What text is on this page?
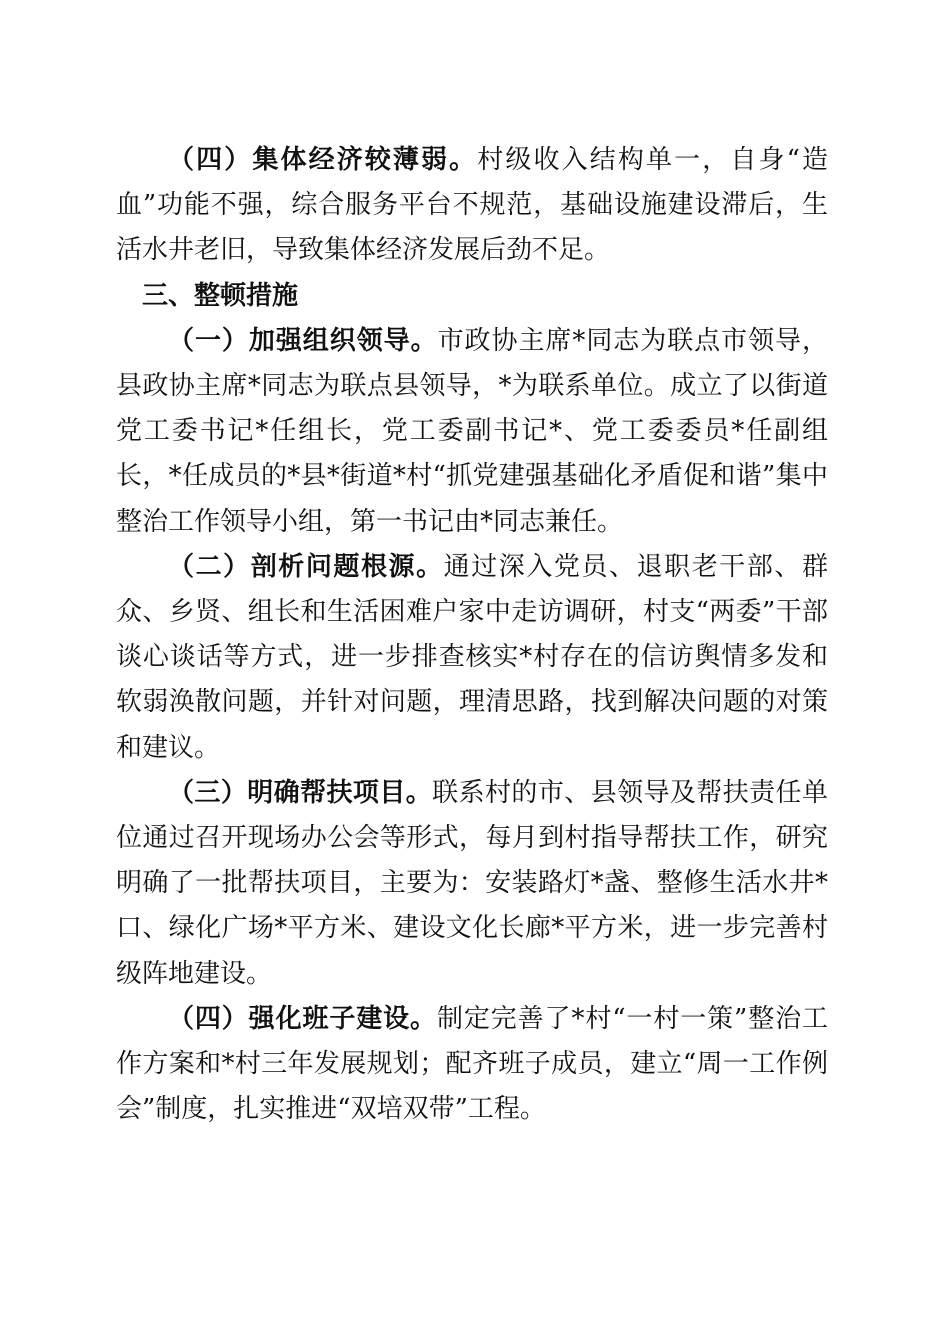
（四）集体经济较薄弱。村级收入结构单一，自身“造血”功能不强，综合服务平台不规范，基础设施建设滞后，生活水井老旧，导致集体经济发展后劲不足。

三、整顿措施

（一）加强组织领导。市政协主席*同志为联点市领导，县政协主席*同志为联点县领导，*为联系单位。成立了以街道党工委书记*任组长，党工委副书记*、党工委委员*任副组长，*任成员的*县*街道*村“抓党建强基础化矛盾促和谐”集中整治工作领导小组，第一书记由*同志兼任。

（二）剖析问题根源。通过深入党员、退职老干部、群众、乡贤、组长和生活困难户家中走访调研，村支“两委”干部谈心谈话等方式，进一步排查核实*村存在的信访舆情多发和软弱涣散问题，并针对问题，理清思路，找到解决问题的对策和建议。

（三）明确帮扶项目。联系村的市、县领导及帮扶责任单位通过召开现场办公会等形式，每月到村指导帮扶工作，研究明确了一批帮扶项目，主要为：安装路灯*盏、整修生活水井*口、绿化广场*平方米、建设文化长廊*平方米，进一步完善村级阵地建设。

（四）强化班子建设。制定完善了*村“一村一策”整治工作方案和*村三年发展规划；配齐班子成员，建立“周一工作例会”制度，扎实推进“双培双带”工程。
